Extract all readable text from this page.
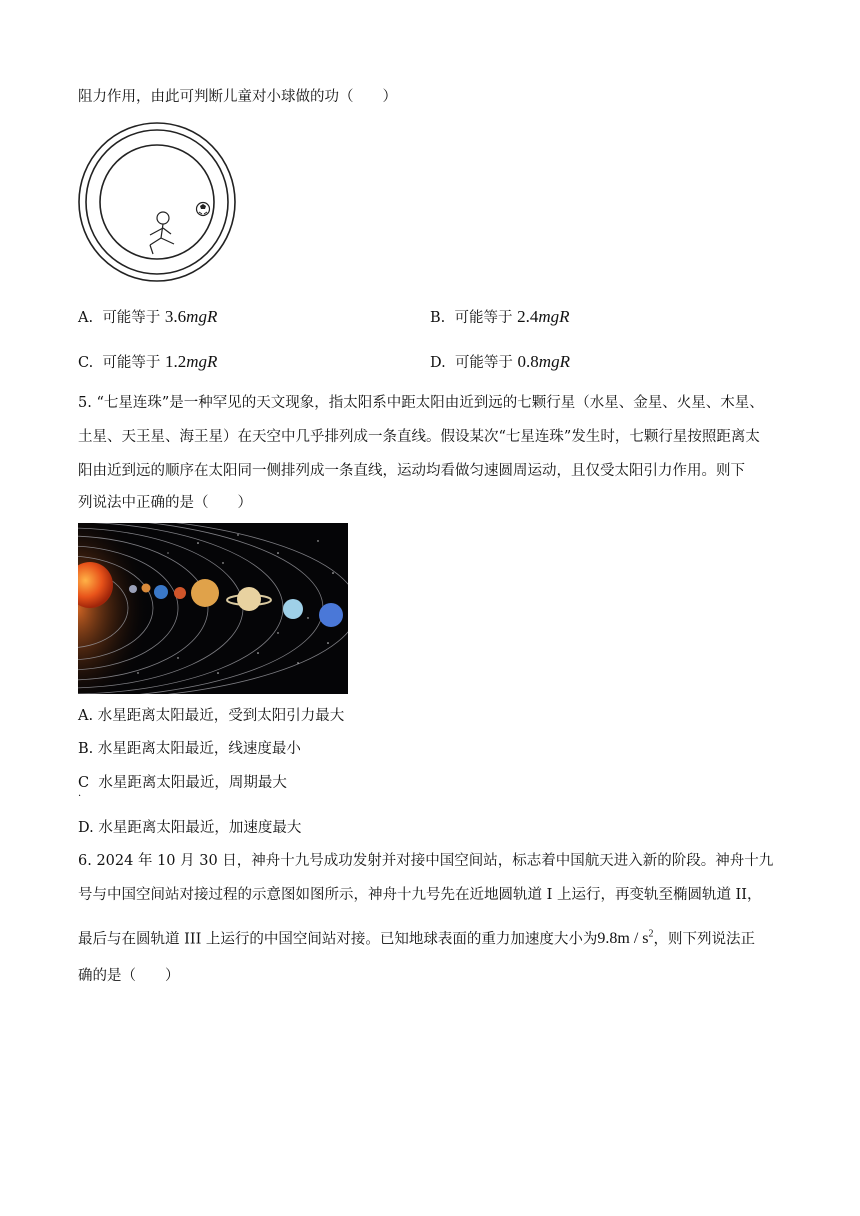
阻力作用，由此可判断儿童对小球做的功（　　）
A. 可能等于 3.6mgR	B. 可能等于 2.4mgR
C. 可能等于 1.2mgR	D. 可能等于 0.8mgR
5. “七星连珠”是一种罕见的天文现象，指太阳系中距太阳由近到远的七颗行星（水星、金星、火星、木星、
土星、天王星、海王星）在天空中几乎排列成一条直线。假设某次“七星连珠”发生时，七颗行星按照距离太
阳由近到远的顺序在太阳同一侧排列成一条直线，运动均看做匀速圆周运动，且仅受太阳引力作用。则下
列说法中正确的是（　　）
A. 水星距离太阳最近，受到太阳引力最大
B. 水星距离太阳最近，线速度最小
C 水星距离太阳最近，周期最大
·
D. 水星距离太阳最近，加速度最大
6. 2024 年 10 月 30 日，神舟十九号成功发射并对接中国空间站，标志着中国航天进入新的阶段。神舟十九
号与中国空间站对接过程的示意图如图所示，神舟十九号先在近地圆轨道 I 上运行，再变轨至椭圆轨道 II，
最后与在圆轨道 III 上运行的中国空间站对接。已知地球表面的重力加速度大小为$9.8m / s^2$，则下列说法正
确的是（　　）
